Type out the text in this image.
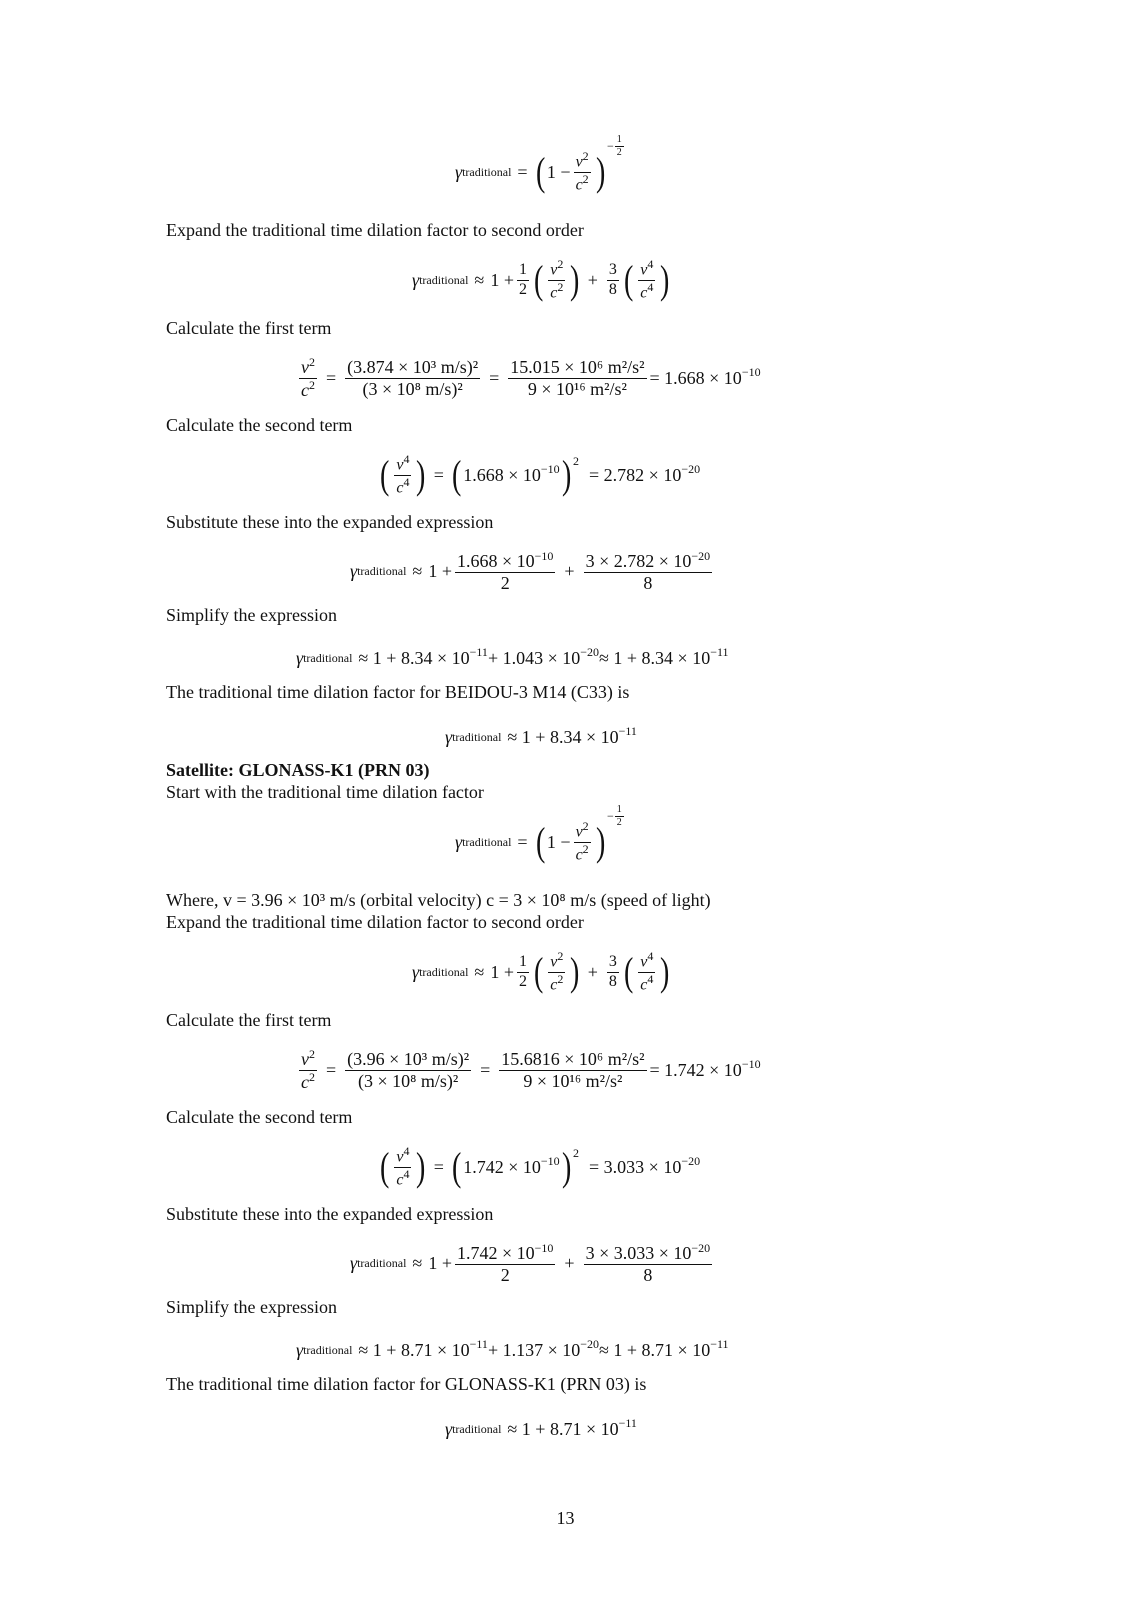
γ traditional = ( $1 - \frac{v^2}{c^2}$ )
− $\frac{1}{2}$
Expand the traditional time dilation factor to second order
γ traditional ≈ $1 + \frac{1}{2}$ ( $\frac{v^2}{c^2}$ ) + $\frac{3}{8}$ ( $\frac{v^4}{c^4}$ )
Calculate the first term
$\frac{v^2}{c^2} = \frac{\text{(3.874 × 10³ m/s)²}}{\text{(3 × 10⁸ m/s)²}} = \frac{\text{15.015 × 10⁶ m²/s²}}{\text{9 × 10¹⁶ m²/s²}} = 1.668 \times 10^{-10}$
Calculate the second term
( $\frac{v^4}{c^4}$ ) = ( $1.668 \times 10^{-10}$ )$^2$
= $2.782 \times 10^{-20}$
Substitute these into the expanded expression
γ traditional ≈ $1 + \frac{1.668 \times 10^{-10}}{2} + \frac{3 \times 2.782 \times 10^{-20}}{8}$
Simplify the expression
γ traditional ≈ $1 + 8.34 \times 10^{-11} + 1.043 \times 10^{-20} \approx 1 + 8.34 \times 10^{-11}$
The traditional time dilation factor for BEIDOU-3 M14 (C33) is
γ traditional ≈ $1 + 8.34 \times 10^{-11}$
Satellite: GLONASS-K1 (PRN 03)
Start with the traditional time dilation factor
γ traditional = ( $1 - \frac{v^2}{c^2}$ )
− $\frac{1}{2}$
Where, v = 3.96 × 10³ m/s (orbital velocity) c = 3 × 10⁸ m/s (speed of light)
Expand the traditional time dilation factor to second order
γ traditional ≈ $1 + \frac{1}{2}$ ( $\frac{v^2}{c^2}$ ) + $\frac{3}{8}$ ( $\frac{v^4}{c^4}$ )
Calculate the first term
$\frac{v^2}{c^2} = \frac{\text{(3.96 × 10³ m/s)²}}{\text{(3 × 10⁸ m/s)²}} = \frac{\text{15.6816 × 10⁶ m²/s²}}{\text{9 × 10¹⁶ m²/s²}} = 1.742 \times 10^{-10}$
Calculate the second term
( $\frac{v^4}{c^4}$ ) = ( $1.742 \times 10^{-10}$ )$^2$
= $3.033 \times 10^{-20}$
Substitute these into the expanded expression
γ traditional ≈ $1 + \frac{1.742 \times 10^{-10}}{2} + \frac{3 \times 3.033 \times 10^{-20}}{8}$
Simplify the expression
γ traditional ≈ $1 + 8.71 \times 10^{-11} + 1.137 \times 10^{-20} \approx 1 + 8.71 \times 10^{-11}$
The traditional time dilation factor for GLONASS-K1 (PRN 03) is
γ traditional ≈ $1 + 8.71 \times 10^{-11}$
13
